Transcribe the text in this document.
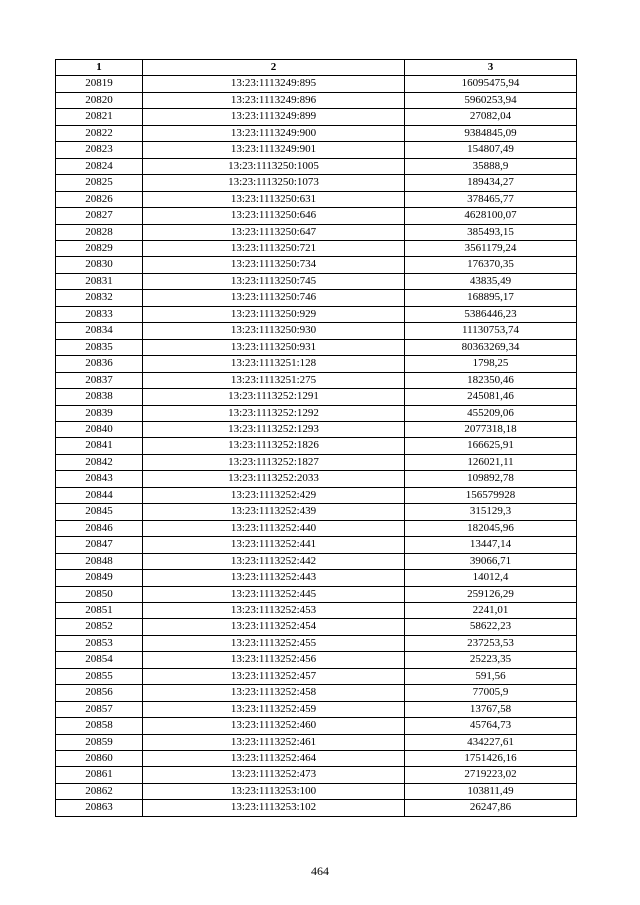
1	2	3
20819	13:23:1113249:895	16095475,94
20820	13:23:1113249:896	5960253,94
20821	13:23:1113249:899	27082,04
20822	13:23:1113249:900	9384845,09
20823	13:23:1113249:901	154807,49
20824	13:23:1113250:1005	35888,9
20825	13:23:1113250:1073	189434,27
20826	13:23:1113250:631	378465,77
20827	13:23:1113250:646	4628100,07
20828	13:23:1113250:647	385493,15
20829	13:23:1113250:721	3561179,24
20830	13:23:1113250:734	176370,35
20831	13:23:1113250:745	43835,49
20832	13:23:1113250:746	168895,17
20833	13:23:1113250:929	5386446,23
20834	13:23:1113250:930	11130753,74
20835	13:23:1113250:931	80363269,34
20836	13:23:1113251:128	1798,25
20837	13:23:1113251:275	182350,46
20838	13:23:1113252:1291	245081,46
20839	13:23:1113252:1292	455209,06
20840	13:23:1113252:1293	2077318,18
20841	13:23:1113252:1826	166625,91
20842	13:23:1113252:1827	126021,11
20843	13:23:1113252:2033	109892,78
20844	13:23:1113252:429	156579928
20845	13:23:1113252:439	315129,3
20846	13:23:1113252:440	182045,96
20847	13:23:1113252:441	13447,14
20848	13:23:1113252:442	39066,71
20849	13:23:1113252:443	14012,4
20850	13:23:1113252:445	259126,29
20851	13:23:1113252:453	2241,01
20852	13:23:1113252:454	58622,23
20853	13:23:1113252:455	237253,53
20854	13:23:1113252:456	25223,35
20855	13:23:1113252:457	591,56
20856	13:23:1113252:458	77005,9
20857	13:23:1113252:459	13767,58
20858	13:23:1113252:460	45764,73
20859	13:23:1113252:461	434227,61
20860	13:23:1113252:464	1751426,16
20861	13:23:1113252:473	2719223,02
20862	13:23:1113253:100	103811,49
20863	13:23:1113253:102	26247,86
464
